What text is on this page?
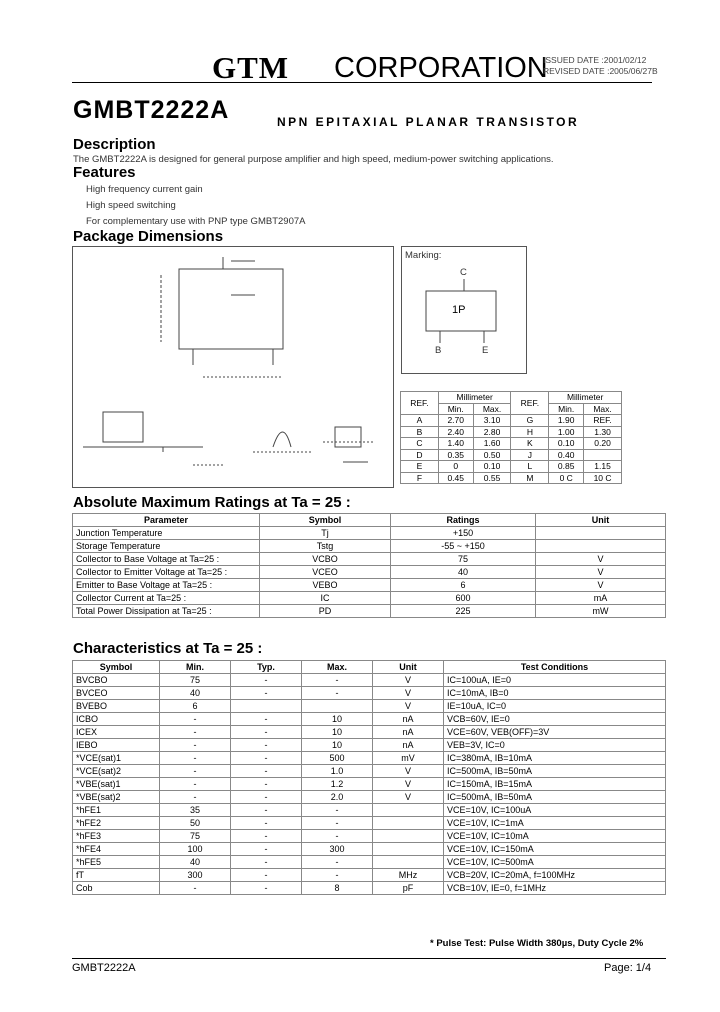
GTM CORPORATION
ISSUED DATE :2001/02/12
REVISED DATE :2005/06/27B
GMBT2222A	NPN EPITAXIAL PLANAR TRANSISTOR
Description
The GMBT2222A is designed for general purpose amplifier and high speed, medium-power switching applications.
Features
High frequency current gain
High speed switching
For complementary use with PNP type GMBT2907A
Package Dimensions
Marking:
C
1P
B	E
REF.	Millimeter		REF.	Millimeter	
	Min.	Max.		Min.	Max.
A	2.70	3.10	G	1.90	REF.
B	2.40	2.80	H	1.00	1.30
C	1.40	1.60	K	0.10	0.20
D	0.35	0.50	J	0.40	
E	0	0.10	L	0.85	1.15
F	0.45	0.55	M	0 C	10 C
Absolute Maximum Ratings at Ta = 25 :
Parameter	Symbol	Ratings	Unit
Junction Temperature	Tj	+150	
Storage Temperature	Tstg	-55 ~ +150	
Collector to Base Voltage at Ta=25 :	VCBO	75	V
Collector to Emitter Voltage at Ta=25 :	VCEO	40	V
Emitter to Base Voltage at Ta=25 :	VEBO	6	V
Collector Current at Ta=25 :	IC	600	mA
Total Power Dissipation at Ta=25 :	PD	225	mW
Characteristics at Ta = 25 :
Symbol	Min.	Typ.	Max.	Unit	Test Conditions
BVCBO	75	-	-	V	IC=100uA, IE=0
BVCEO	40	-	-	V	IC=10mA, IB=0
BVEBO	6			V	IE=10uA, IC=0
ICBO	-	-	10	nA	VCB=60V, IE=0
ICEX	-	-	10	nA	VCE=60V, VEB(OFF)=3V
IEBO	-	-	10	nA	VEB=3V, IC=0
*VCE(sat)1	-	-	500	mV	IC=380mA, IB=10mA
*VCE(sat)2	-	-	1.0	V	IC=500mA, IB=50mA
*VBE(sat)1	-	-	1.2	V	IC=150mA, IB=15mA
*VBE(sat)2	-	-	2.0	V	IC=500mA, IB=50mA
*hFE1	35	-	-		VCE=10V, IC=100uA
*hFE2	50	-	-		VCE=10V, IC=1mA
*hFE3	75	-	-		VCE=10V, IC=10mA
*hFE4	100	-	300		VCE=10V, IC=150mA
*hFE5	40	-	-		VCE=10V, IC=500mA
fT	300	-	-	MHz	VCB=20V, IC=20mA, f=100MHz
Cob	-	-	8	pF	VCB=10V, IE=0, f=1MHz
* Pulse Test: Pulse Width 380µs, Duty Cycle 2%
GMBT2222A	Page: 1/4
